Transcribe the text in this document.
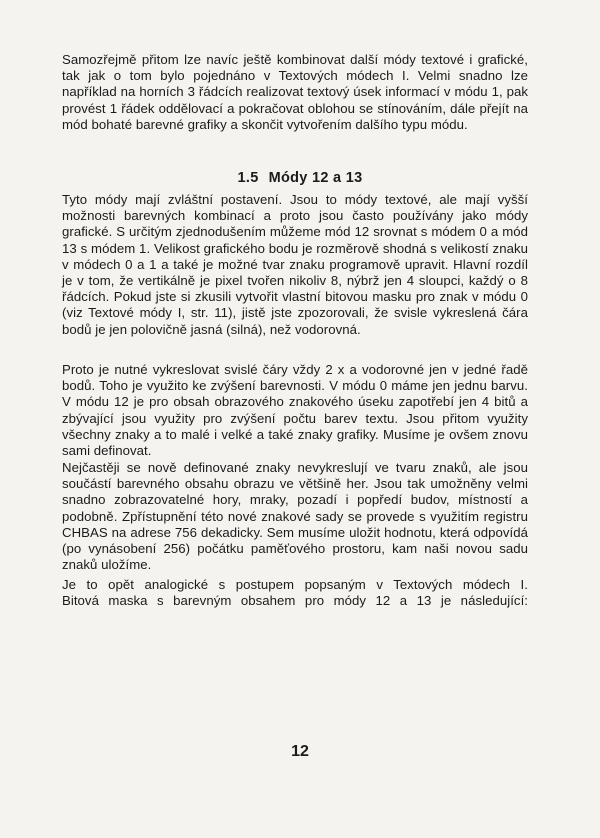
Samozřejmě přitom lze navíc ještě kombinovat další módy textové i grafické, tak jak o tom bylo pojednáno v Textových módech I. Velmi snadno lze například na horních 3 řádcích realizovat textový úsek informací v módu 1, pak provést 1 řádek oddělovací a pokračovat oblohou se stínováním, dále přejít na mód bohaté barevné grafiky a skončit vytvořením dalšího typu módu.
1.5 Módy 12 a 13
Tyto módy mají zvláštní postavení. Jsou to módy textové, ale mají vyšší možnosti barevných kombinací a proto jsou často používány jako módy grafické. S určitým zjednodušením můžeme mód 12 srovnat s módem 0 a mód 13 s módem 1. Velikost grafického bodu je rozměrově shodná s velikostí znaku v módech 0 a 1 a také je možné tvar znaku programově upravit. Hlavní rozdíl je v tom, že vertikálně je pixel tvořen nikoliv 8, nýbrž jen 4 sloupci, každý o 8 řádcích. Pokud jste si zkusili vytvořit vlastní bitovou masku pro znak v módu 0 (viz Textové módy I, str. 11), jistě jste zpozorovali, že svisle vykreslená čára bodů je jen polovičně jasná (silná), než vodorovná.
Proto je nutné vykreslovat svislé čáry vždy 2 x a vodorovné jen v jedné řadě bodů. Toho je využito ke zvýšení barevnosti. V módu 0 máme jen jednu barvu. V módu 12 je pro obsah obrazového znakového úseku zapotřebí jen 4 bitů a zbývající jsou využity pro zvýšení počtu barev textu. Jsou přitom využity všechny znaky a to malé i velké a také znaky grafiky. Musíme je ovšem znovu sami definovat.
Nejčastěji se nově definované znaky nevykreslují ve tvaru znaků, ale jsou součástí barevného obsahu obrazu ve většině her. Jsou tak umožněny velmi snadno zobrazovatelné hory, mraky, pozadí i popředí budov, místností a podobně. Zpřístupnění této nové znakové sady se provede s využitím registru CHBAS na adrese 756 dekadicky. Sem musíme uložit hodnotu, která odpovídá (po vynásobení 256) počátku paměťového prostoru, kam naši novou sadu znaků uložíme.
Je to opět analogické s postupem popsaným v Textových módech I.
Bitová maska s barevným obsahem pro módy 12 a 13 je následující:
12
